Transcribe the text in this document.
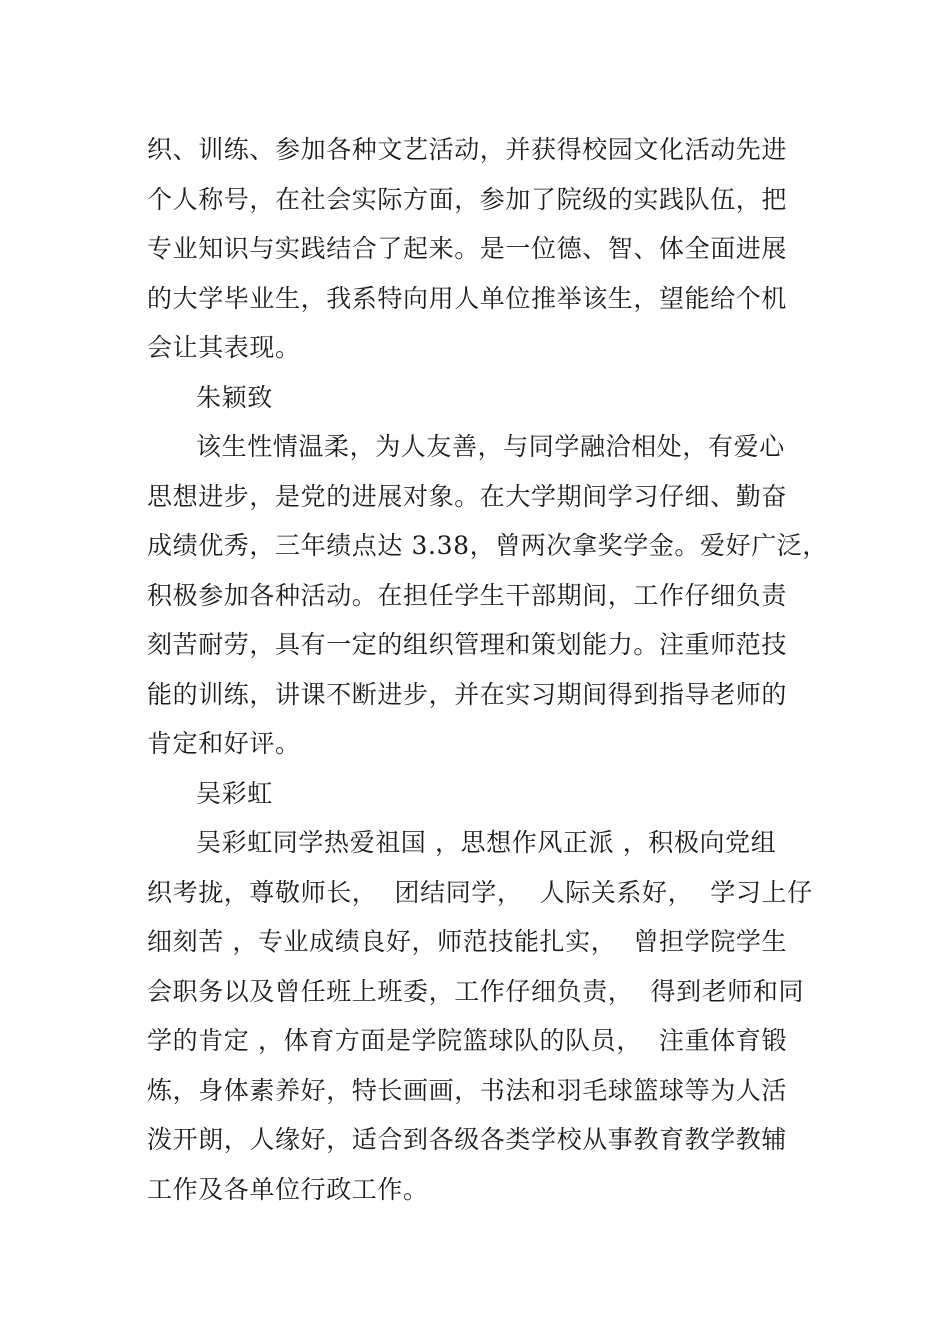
织、训练、参加各种文艺活动，并获得校园文化活动先进
个人称号，在社会实际方面，参加了院级的实践队伍，把
专业知识与实践结合了起来。是一位德、智、体全面进展
的大学毕业生，我系特向用人单位推举该生，望能给个机
会让其表现。
朱颖致
该生性情温柔，为人友善，与同学融洽相处，有爱心
思想进步，是党的进展对象。在大学期间学习仔细、勤奋
成绩优秀，三年绩点达 3.38，曾两次拿奖学金。爱好广泛，
积极参加各种活动。在担任学生干部期间，工作仔细负责
刻苦耐劳，具有一定的组织管理和策划能力。注重师范技
能的训练，讲课不断进步，并在实习期间得到指导老师的
肯定和好评。
吴彩虹
吴彩虹同学热爱祖国 ，思想作风正派 ，积极向党组
织考拢，尊敬师长，  团结同学，  人际关系好，  学习上仔
细刻苦 ，专业成绩良好，师范技能扎实，  曾担学院学生
会职务以及曾任班上班委，工作仔细负责，  得到老师和同
学的肯定 ，体育方面是学院篮球队的队员，  注重体育锻
炼，身体素养好，特长画画，书法和羽毛球篮球等为人活
泼开朗，人缘好，适合到各级各类学校从事教育教学教辅
工作及各单位行政工作。
